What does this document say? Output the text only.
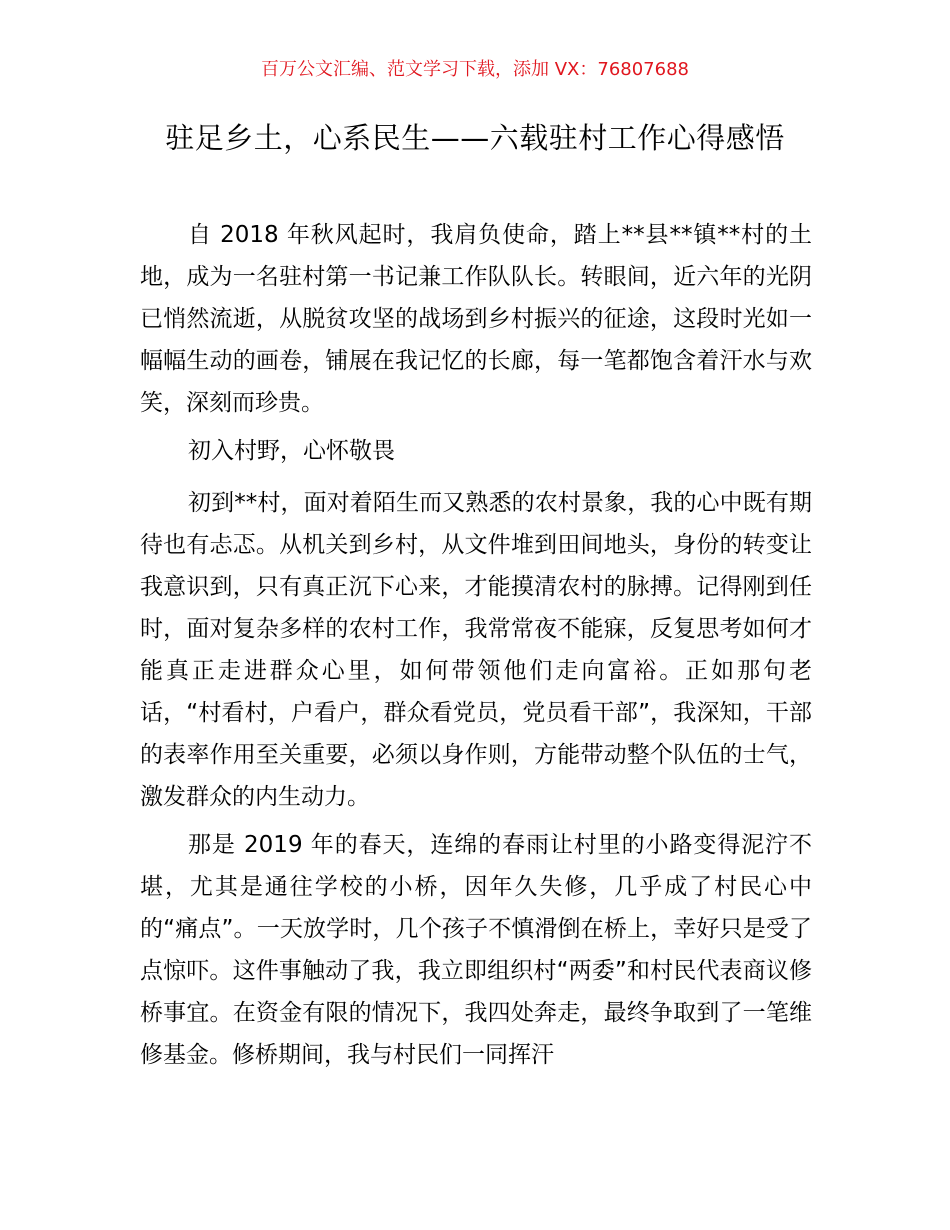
百万公文汇编、范文学习下载，添加 VX：76807688
驻足乡土，心系民生——六载驻村工作心得感悟

自 2018 年秋风起时，我肩负使命，踏上**县**镇**村的土地，成为一名驻村第一书记兼工作队队长。转眼间，近六年的光阴已悄然流逝，从脱贫攻坚的战场到乡村振兴的征途，这段时光如一幅幅生动的画卷，铺展在我记忆的长廊，每一笔都饱含着汗水与欢笑，深刻而珍贵。

初入村野，心怀敬畏

初到**村，面对着陌生而又熟悉的农村景象，我的心中既有期待也有忐忑。从机关到乡村，从文件堆到田间地头，身份的转变让我意识到，只有真正沉下心来，才能摸清农村的脉搏。记得刚到任时，面对复杂多样的农村工作，我常常夜不能寐，反复思考如何才能真正走进群众心里，如何带领他们走向富裕。正如那句老话，“村看村，户看户，群众看党员，党员看干部”，我深知，干部的表率作用至关重要，必须以身作则，方能带动整个队伍的士气，激发群众的内生动力。

那是 2019 年的春天，连绵的春雨让村里的小路变得泥泞不堪，尤其是通往学校的小桥，因年久失修，几乎成了村民心中的“痛点”。一天放学时，几个孩子不慎滑倒在桥上，幸好只是受了点惊吓。这件事触动了我，我立即组织村“两委”和村民代表商议修桥事宜。在资金有限的情况下，我四处奔走，最终争取到了一笔维修基金。修桥期间，我与村民们一同挥汗
